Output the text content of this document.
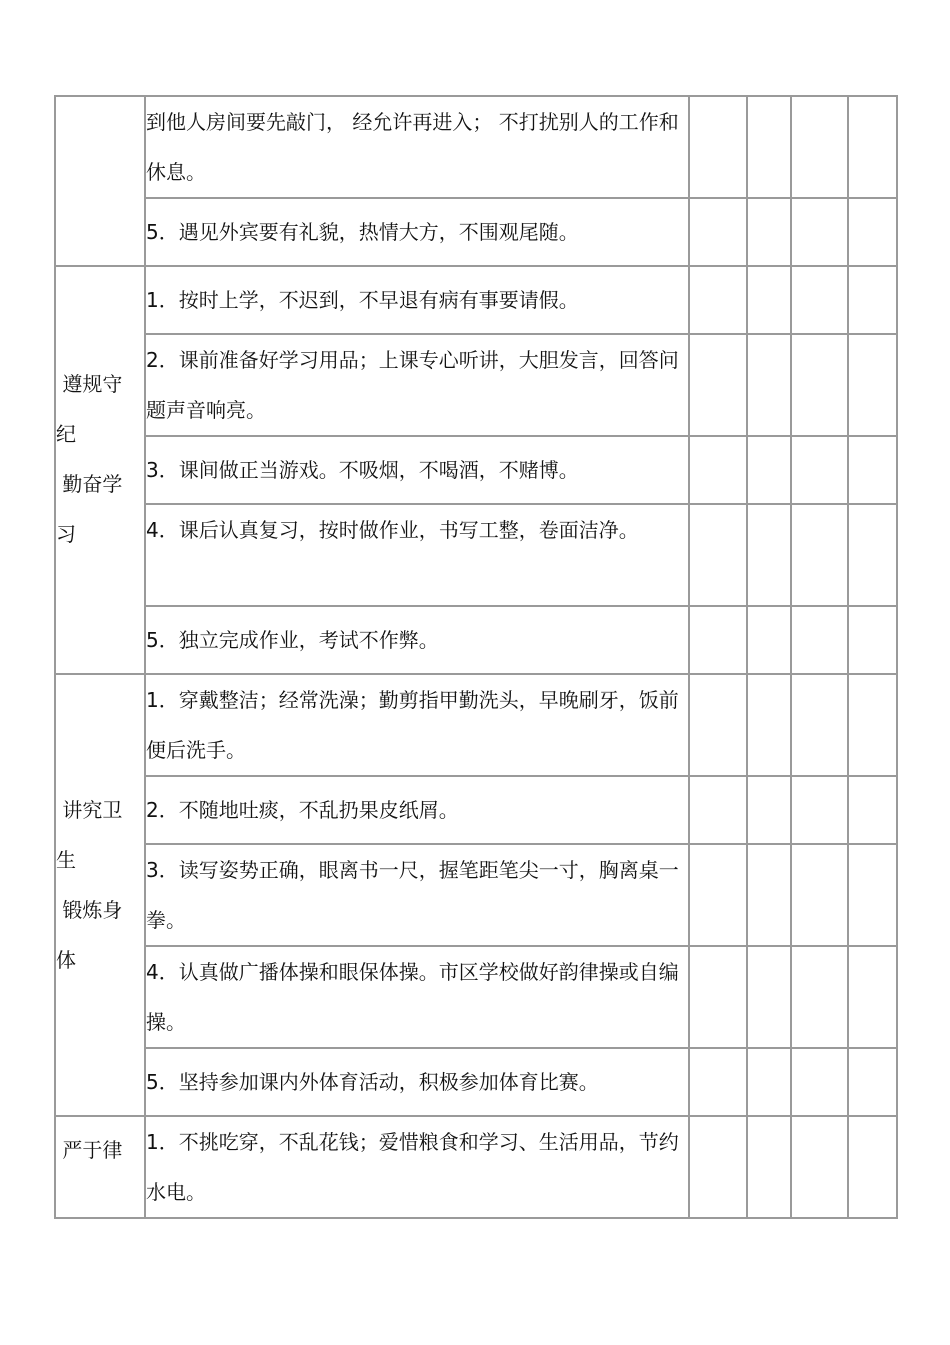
	到他人房间要先敲门， 经允许再进入； 不打扰别人的工作和休息。				

	5．遇见外宾要有礼貌，热情大方，不围观尾随。				

遵规守
纪
勤奋学
习	1．按时上学，不迟到，不早退有病有事要请假。				

	2．课前准备好学习用品；上课专心听讲，大胆发言，回答问题声音响亮。				

	3．课间做正当游戏。不吸烟，不喝酒，不赌博。				

	4．课后认真复习，按时做作业，书写工整，卷面洁净。				

	5．独立完成作业，考试不作弊。				

讲究卫
生
锻炼身
体	1．穿戴整洁；经常洗澡；勤剪指甲勤洗头，早晚刷牙，饭前便后洗手。				

	2．不随地吐痰，不乱扔果皮纸屑。				

	3．读写姿势正确，眼离书一尺，握笔距笔尖一寸，胸离桌一拳。				

	4．认真做广播体操和眼保体操。市区学校做好韵律操或自编操。				

	5．坚持参加课内外体育活动，积极参加体育比赛。				

严于律	1．不挑吃穿，不乱花钱；爱惜粮食和学习、生活用品，节约水电。				
